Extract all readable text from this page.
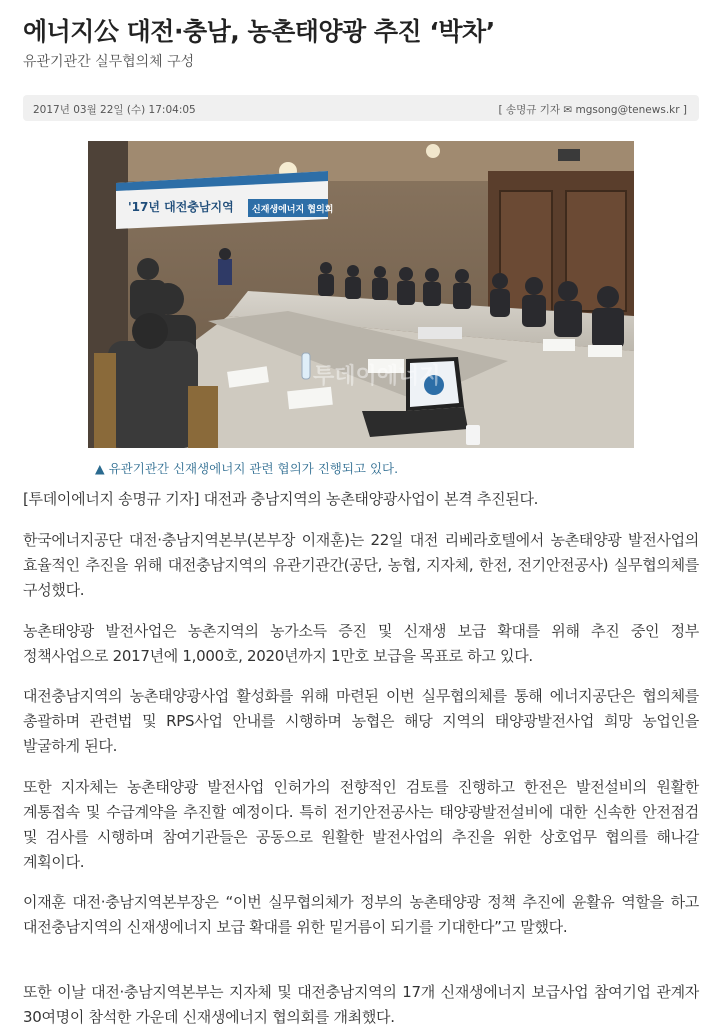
에너지公 대전·충남, 농촌태양광 추진 ‘박차’
유관기관간 실무협의체 구성
2017년 03월 22일 (수) 17:04:05	[ 송명규 기자 ✉ mgsong@tenews.kr ]
'17년 대전충남지역 신재생에너지 협의회
투데이에너지
▲ 유관기관간 신재생에너지 관련 협의가 진행되고 있다.

[투데이에너지 송명규 기자] 대전과 충남지역의 농촌태양광사업이 본격 추진된다.

한국에너지공단 대전·충남지역본부(본부장 이재훈)는 22일 대전 리베라호텔에서 농촌태양광 발전사업의 효율적인 추진을 위해 대전충남지역의 유관기관간(공단, 농협, 지자체, 한전, 전기안전공사) 실무협의체를 구성했다.

농촌태양광 발전사업은 농촌지역의 농가소득 증진 및 신재생 보급 확대를 위해 추진 중인 정부 정책사업으로 2017년에 1,000호, 2020년까지 1만호 보급을 목표로 하고 있다.

대전충남지역의 농촌태양광사업 활성화를 위해 마련된 이번 실무협의체를 통해 에너지공단은 협의체를 총괄하며 관련법 및 RPS사업 안내를 시행하며 농협은 해당 지역의 태양광발전사업 희망 농업인을 발굴하게 된다.

또한 지자체는 농촌태양광 발전사업 인허가의 전향적인 검토를 진행하고 한전은 발전설비의 원활한 계통접속 및 수급계약을 추진할 예정이다. 특히 전기안전공사는 태양광발전설비에 대한 신속한 안전점검 및 검사를 시행하며 참여기관들은 공동으로 원활한 발전사업의 추진을 위한 상호업무 협의를 해나갈 계획이다.

이재훈 대전·충남지역본부장은 “이번 실무협의체가 정부의 농촌태양광 정책 추진에 윤활유 역할을 하고 대전충남지역의 신재생에너지 보급 확대를 위한 밑거름이 되기를 기대한다”고 말했다.

또한 이날 대전·충남지역본부는 지자체 및 대전충남지역의 17개 신재생에너지 보급사업 참여기업 관계자 30여명이 참석한 가운데 신재생에너지 협의회를 개최했다.
